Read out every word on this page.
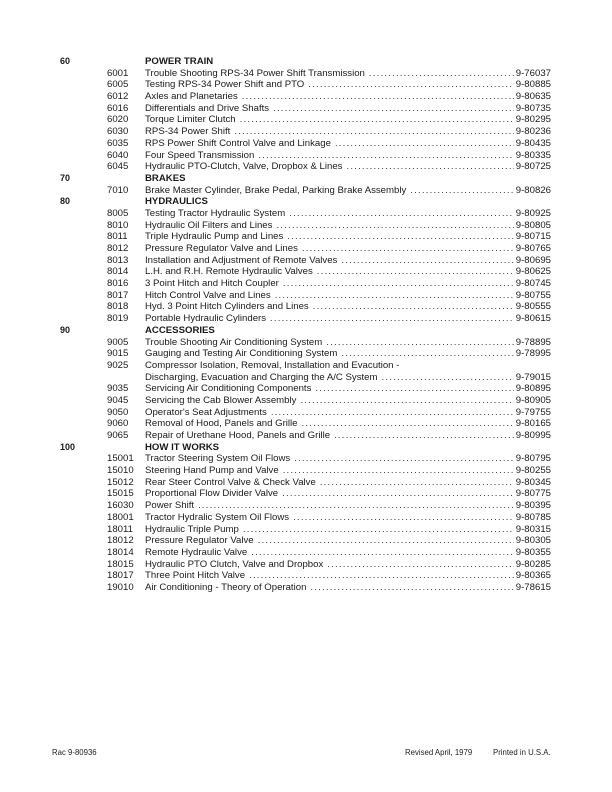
60	POWER TRAIN
6001 Trouble Shooting RPS-34 Power Shift Transmission .....	9-76037
6005 Testing RPS-34 Power Shift and PTO .....	9-80885
6012 Axles and Planetaries .....	9-80635
6016 Differentials and Drive Shafts .....	9-80735
6020 Torque Limiter Clutch .....	9-80295
6030 RPS-34 Power Shift .....	9-80236
6035 RPS Power Shift Control Valve and Linkage .....	9-80435
6040 Four Speed Transmission .....	9-80335
6045 Hydraulic PTO-Clutch, Valve, Dropbox & Lines .....	9-80725
70	BRAKES
7010 Brake Master Cylinder, Brake Pedal, Parking Brake Assembly .....	9-80826
80	HYDRAULICS
8005 Testing Tractor Hydraulic System .....	9-80925
8010 Hydraulic Oil Filters and Lines .....	9-80805
8011 Triple Hydraulic Pump and Lines .....	9-80715
8012 Pressure Regulator Valve and Lines .....	9-80765
8013 Installation and Adjustment of Remote Valves .....	9-80695
8014 L.H. and R.H. Remote Hydraulic Valves .....	9-80625
8016 3 Point Hitch and Hitch Coupler .....	9-80745
8017 Hitch Control Valve and Lines .....	9-80755
8018 Hyd. 3 Point Hitch Cylinders and Lines .....	9-80555
8019 Portable Hydraulic Cylinders .....	9-80615
90	ACCESSORIES
9005 Trouble Shooting Air Conditioning System .....	9-78895
9015 Gauging and Testing Air Conditioning System .....	9-78995
9025 Compressor Isolation, Removal, Installation and Evacution -
Discharging, Evacuation and Charging the A/C System .....	9-79015
9035 Servicing Air Conditioning Components .....	9-80895
9045 Servicing the Cab Blower Assembly .....	9-80905
9050 Operator's Seat Adjustments .....	9-79755
9060 Removal of Hood, Panels and Grille .....	9-80165
9065 Repair of Urethane Hood, Panels and Grille .....	9-80995
100	HOW IT WORKS
15001 Tractor Steering System Oil Flows .....	9-80795
15010 Steering Hand Pump and Valve .....	9-80255
15012 Rear Steer Control Valve & Check Valve .....	9-80345
15015 Proportional Flow Divider Valve .....	9-80775
16030 Power Shift .....	9-80395
18001 Tractor Hydralic System Oil Flows .....	9-80785
18011 Hydraulic Triple Pump .....	9-80315
18012 Pressure Regulator Valve .....	9-80305
18014 Remote Hydraulic Valve .....	9-80355
18015 Hydraulic PTO Clutch, Valve and Dropbox .....	9-80285
18017 Three Point Hitch Valve .....	9-80365
19010 Air Conditioning - Theory of Operation .....	9-78615
Rac 9-80936	Revised April, 1979	Printed in U.S.A.
